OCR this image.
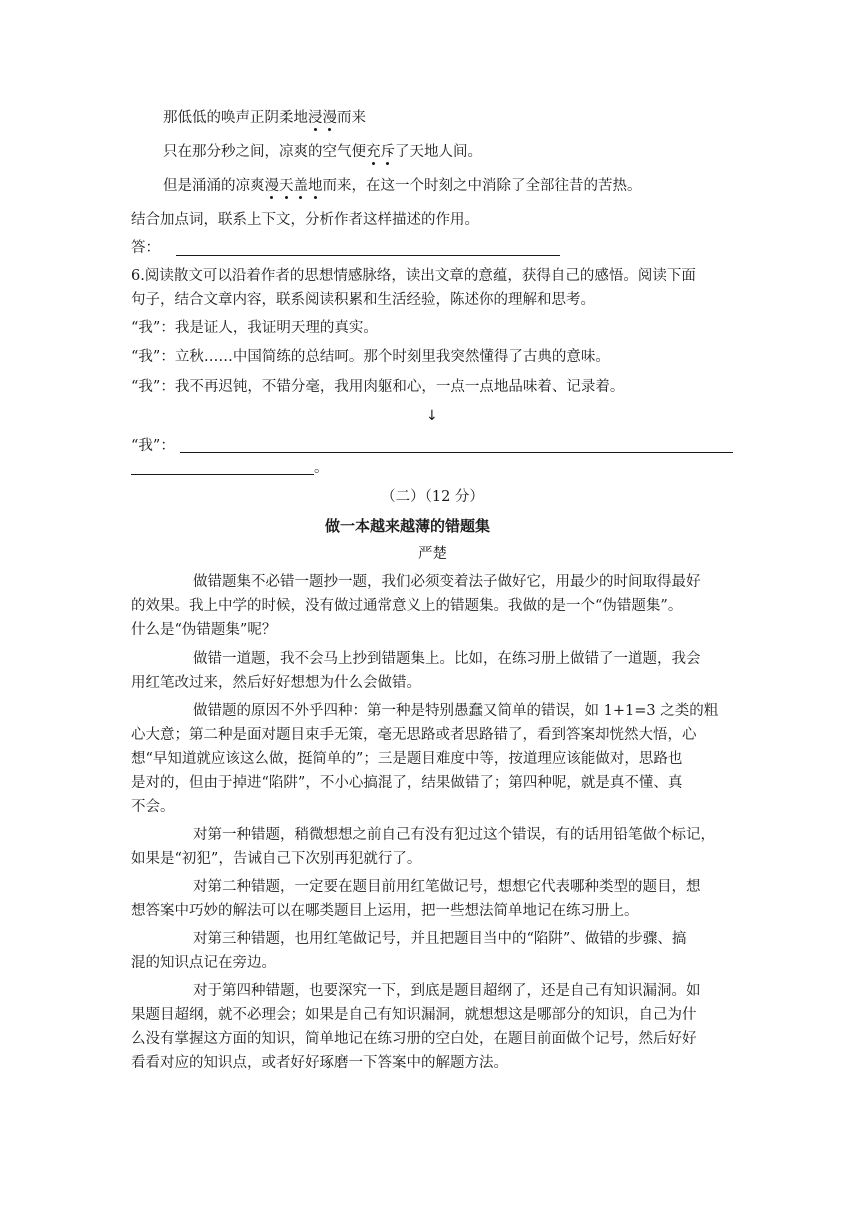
那低低的唤声正阴柔地浸漫而来
只在那分秒之间，凉爽的空气便充斥了天地人间。
但是涌涌的凉爽漫天盖地而来，在这一个时刻之中消除了全部往昔的苦热。
结合加点词，联系上下文，分析作者这样描述的作用。
答：
6.阅读散文可以沿着作者的思想情感脉络，读出文章的意蕴，获得自己的感悟。阅读下面
句子，结合文章内容，联系阅读积累和生活经验，陈述你的理解和思考。
“我”：我是证人，我证明天理的真实。
“我”：立秋……中国简练的总结呵。那个时刻里我突然懂得了古典的意味。
“我”：我不再迟钝，不错分毫，我用肉躯和心，一点一点地品味着、记录着。
↓
“我”：
。
（二）（12 分）
做一本越来越薄的错题集
严楚
做错题集不必错一题抄一题，我们必须变着法子做好它，用最少的时间取得最好
的效果。我上中学的时候，没有做过通常意义上的错题集。我做的是一个“伪错题集”。
什么是“伪错题集”呢？
做错一道题，我不会马上抄到错题集上。比如，在练习册上做错了一道题，我会
用红笔改过来，然后好好想想为什么会做错。
做错题的原因不外乎四种：第一种是特别愚蠢又简单的错误，如 1+1=3 之类的粗
心大意；第二种是面对题目束手无策，毫无思路或者思路错了，看到答案却恍然大悟，心
想“早知道就应该这么做，挺简单的”；三是题目难度中等，按道理应该能做对，思路也
是对的，但由于掉进“陷阱”，不小心搞混了，结果做错了；第四种呢，就是真不懂、真
不会。
对第一种错题，稍微想想之前自己有没有犯过这个错误，有的话用铅笔做个标记，
如果是“初犯”，告诫自己下次别再犯就行了。
对第二种错题，一定要在题目前用红笔做记号，想想它代表哪种类型的题目，想
想答案中巧妙的解法可以在哪类题目上运用，把一些想法简单地记在练习册上。
对第三种错题，也用红笔做记号，并且把题目当中的“陷阱”、做错的步骤、搞
混的知识点记在旁边。
对于第四种错题，也要深究一下，到底是题目超纲了，还是自己有知识漏洞。如
果题目超纲，就不必理会；如果是自己有知识漏洞，就想想这是哪部分的知识，自己为什
么没有掌握这方面的知识，简单地记在练习册的空白处，在题目前面做个记号，然后好好
看看对应的知识点，或者好好琢磨一下答案中的解题方法。
